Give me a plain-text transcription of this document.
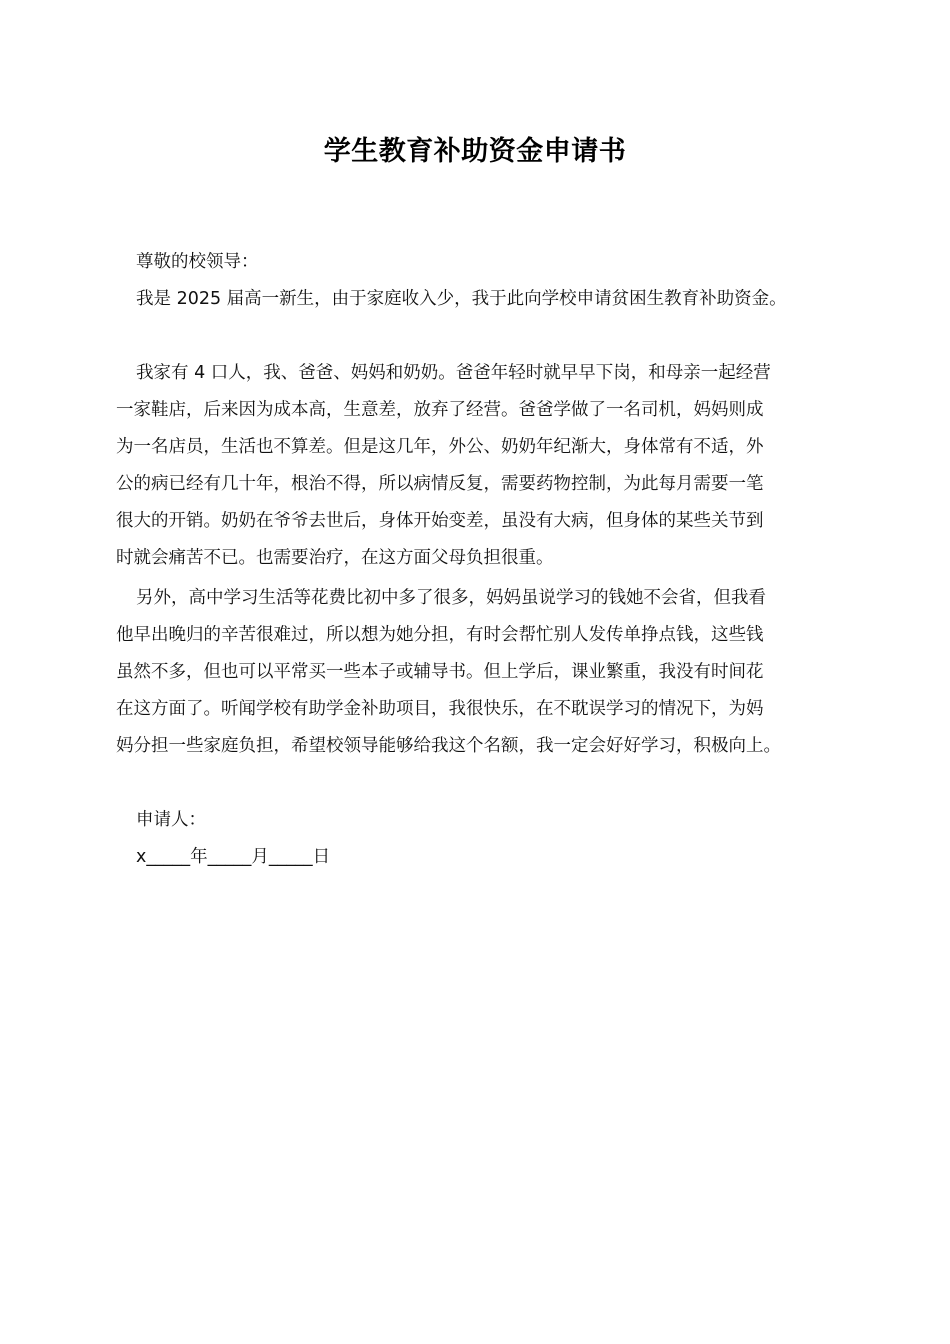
学生教育补助资金申请书
尊敬的校领导：
我是 2025 届高一新生，由于家庭收入少，我于此向学校申请贫困生教育补助资金。
我家有 4 口人，我、爸爸、妈妈和奶奶。爸爸年轻时就早早下岗，和母亲一起经营
一家鞋店，后来因为成本高，生意差，放弃了经营。爸爸学做了一名司机，妈妈则成
为一名店员，生活也不算差。但是这几年，外公、奶奶年纪渐大，身体常有不适，外
公的病已经有几十年，根治不得，所以病情反复，需要药物控制，为此每月需要一笔
很大的开销。奶奶在爷爷去世后，身体开始变差，虽没有大病，但身体的某些关节到
时就会痛苦不已。也需要治疗，在这方面父母负担很重。
另外，高中学习生活等花费比初中多了很多，妈妈虽说学习的钱她不会省，但我看
他早出晚归的辛苦很难过，所以想为她分担，有时会帮忙别人发传单挣点钱，这些钱
虽然不多，但也可以平常买一些本子或辅导书。但上学后，课业繁重，我没有时间花
在这方面了。听闻学校有助学金补助项目，我很快乐，在不耽误学习的情况下，为妈
妈分担一些家庭负担，希望校领导能够给我这个名额，我一定会好好学习，积极向上。
申请人：
x_____年_____月_____日
